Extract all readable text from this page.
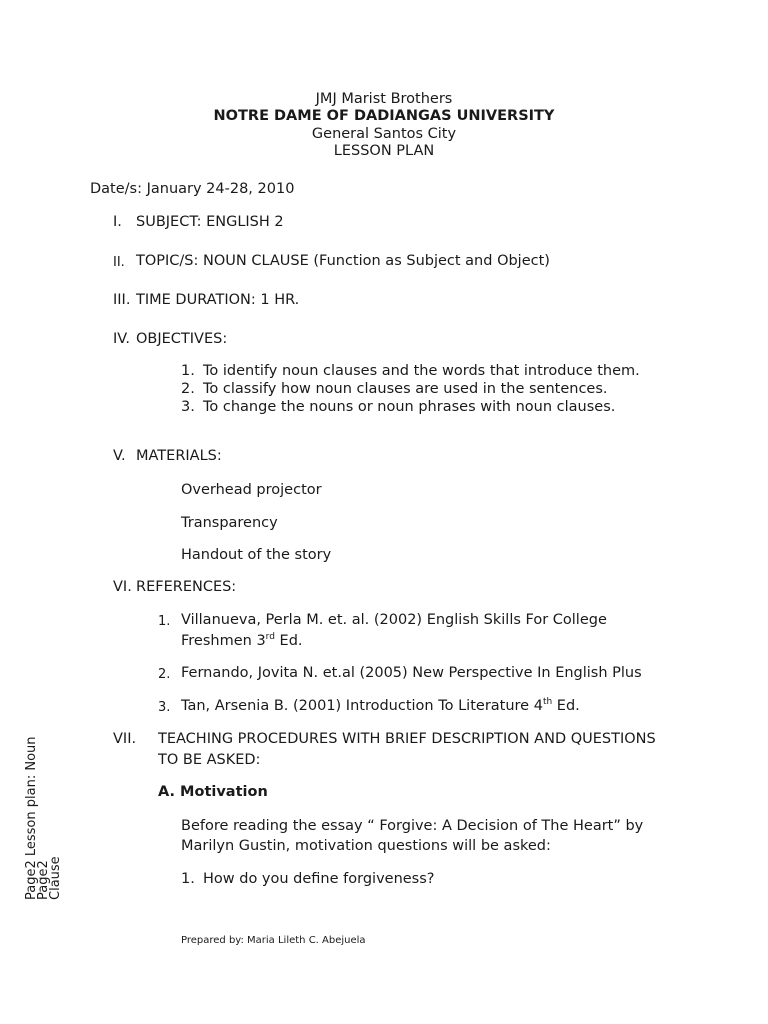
JMJ Marist Brothers
NOTRE DAME OF DADIANGAS UNIVERSITY
General Santos City
LESSON PLAN
Date/s: January 24-28, 2010
I. SUBJECT: ENGLISH 2
II. TOPIC/S: NOUN CLAUSE (Function as Subject and Object)
III. TIME DURATION: 1 HR.
IV. OBJECTIVES:
1. To identify noun clauses and the words that introduce them.
2. To classify how noun clauses are used in the sentences.
3. To change the nouns or noun phrases with noun clauses.
V. MATERIALS:
Overhead projector
Transparency
Handout of the story
VI. REFERENCES:
1. Villanueva, Perla M. et. al. (2002) English Skills For College
Freshmen 3rd Ed.
2. Fernando, Jovita N. et.al (2005) New Perspective In English Plus
3. Tan, Arsenia B. (2001) Introduction To Literature 4th Ed.
VII. TEACHING PROCEDURES WITH BRIEF DESCRIPTION AND QUESTIONS
TO BE ASKED:
A. Motivation
Before reading the essay “ Forgive: A Decision of The Heart” by
Marilyn Gustin, motivation questions will be asked:
1. How do you define forgiveness?
Prepared by: Maria Lileth C. Abejuela
Page2 Lesson plan: Noun
Page2
Clause
